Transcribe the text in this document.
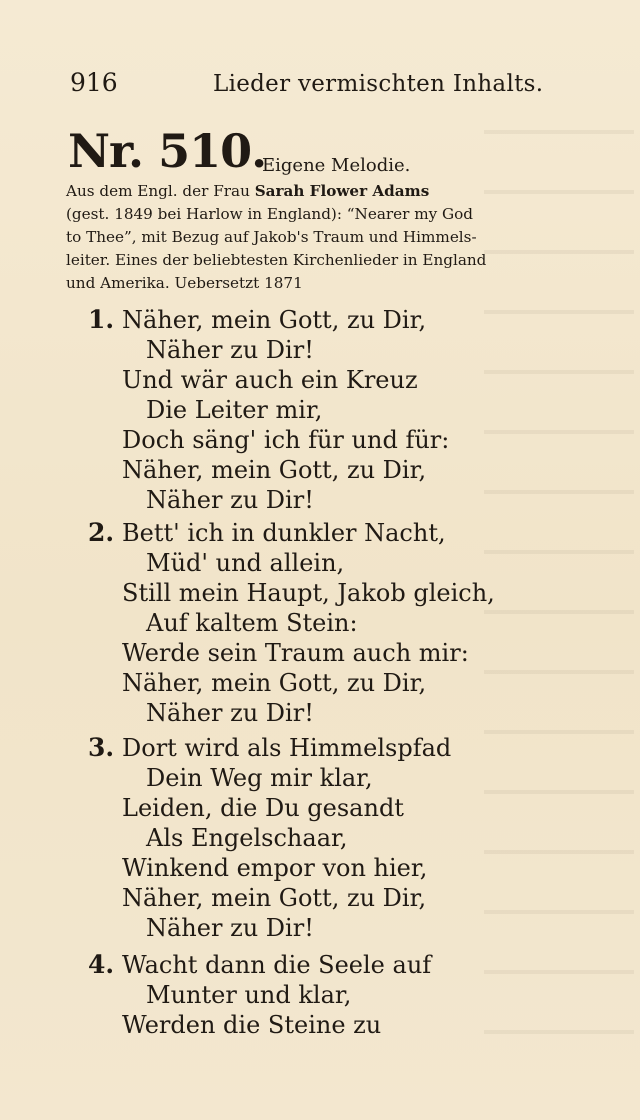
916	Lieder vermischten Inhalts.
Nr. 510.
Eigene Melodie.
Aus dem Engl. der Frau Sarah Flower Adams
(gest. 1849 bei Harlow in England): “Nearer my God
to Thee”, mit Bezug auf Jakob's Traum und Himmels-
leiter. Eines der beliebtesten Kirchenlieder in England
und Amerika. Uebersetzt 1871
1. Näher, mein Gott, zu Dir,
Näher zu Dir!
Und wär auch ein Kreuz
Die Leiter mir,
Doch säng' ich für und für:
Näher, mein Gott, zu Dir,
Näher zu Dir!
2. Bett' ich in dunkler Nacht,
Müd' und allein,
Still mein Haupt, Jakob gleich,
Auf kaltem Stein:
Werde sein Traum auch mir:
Näher, mein Gott, zu Dir,
Näher zu Dir!
3. Dort wird als Himmelspfad
Dein Weg mir klar,
Leiden, die Du gesandt
Als Engelschaar,
Winkend empor von hier,
Näher, mein Gott, zu Dir,
Näher zu Dir!
4. Wacht dann die Seele auf
Munter und klar,
Werden die Steine zu
